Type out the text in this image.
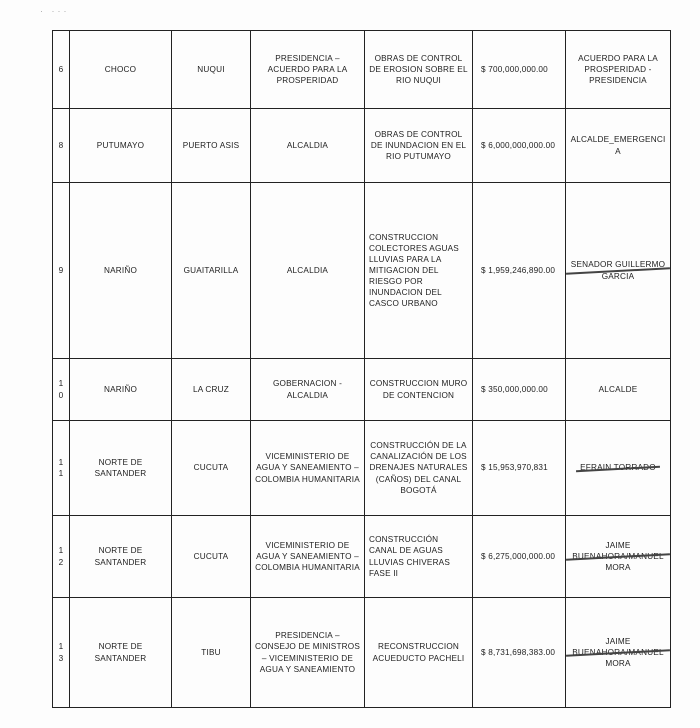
· ···
6	CHOCO	NUQUI	PRESIDENCIA – ACUERDO PARA LA PROSPERIDAD	OBRAS DE CONTROL DE EROSION SOBRE EL RIO NUQUI	$ 700,000,000.00	ACUERDO PARA LA PROSPERIDAD - PRESIDENCIA
8	PUTUMAYO	PUERTO ASIS	ALCALDIA	OBRAS DE CONTROL DE INUNDACION EN EL RIO PUTUMAYO	$ 6,000,000,000.00	ALCALDE_EMERGENCIA
9	NARIÑO	GUAITARILLA	ALCALDIA	CONSTRUCCION COLECTORES AGUAS LLUVIAS PARA LA MITIGACION DEL RIESGO POR INUNDACION DEL CASCO URBANO	$ 1,959,246,890.00	SENADOR GUILLERMO GARCIA
10	NARIÑO	LA CRUZ	GOBERNACION - ALCALDIA	CONSTRUCCION MURO DE CONTENCION	$ 350,000,000.00	ALCALDE
11	NORTE DE SANTANDER	CUCUTA	VICEMINISTERIO DE AGUA Y SANEAMIENTO – COLOMBIA HUMANITARIA	CONSTRUCCIÓN DE LA CANALIZACIÓN DE LOS DRENAJES NATURALES (CAÑOS) DEL CANAL BOGOTÁ	$ 15,953,970,831	EFRAIN TORRADO
12	NORTE DE SANTANDER	CUCUTA	VICEMINISTERIO DE AGUA Y SANEAMIENTO – COLOMBIA HUMANITARIA	CONSTRUCCIÓN CANAL DE AGUAS LLUVIAS CHIVERAS FASE II	$ 6,275,000,000.00	JAIME BUENAHORA/MANUEL MORA
13	NORTE DE SANTANDER	TIBU	PRESIDENCIA – CONSEJO DE MINISTROS – VICEMINISTERIO DE AGUA Y SANEAMIENTO	RECONSTRUCCION ACUEDUCTO PACHELI	$ 8,731,698,383.00	JAIME BUENAHORA/MANUEL MORA
